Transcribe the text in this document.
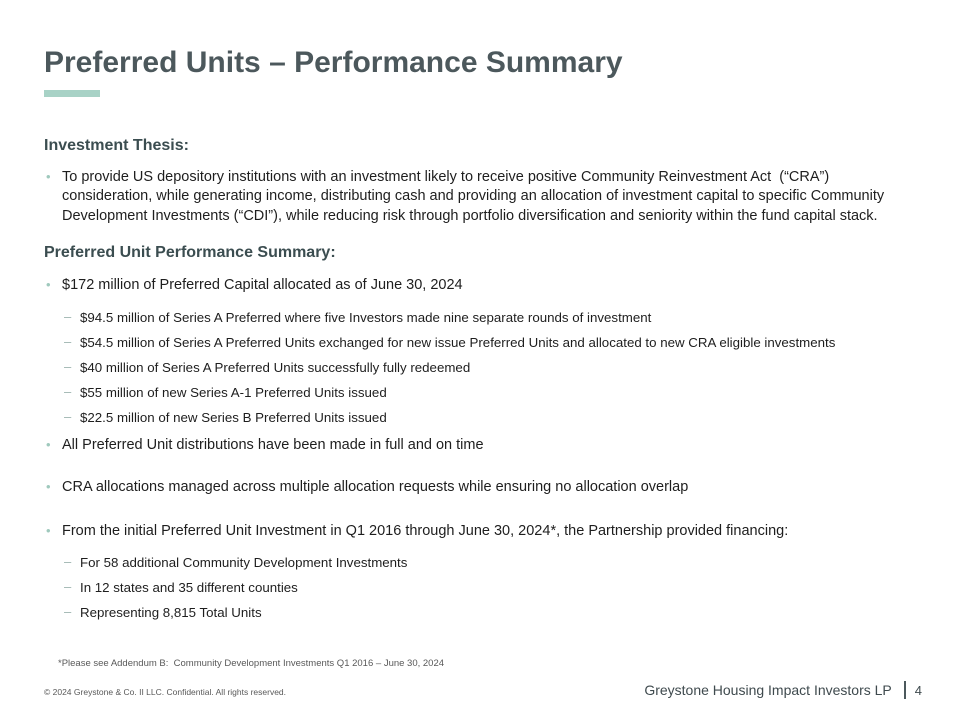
Preferred Units – Performance Summary
Investment Thesis:
• To provide US depository institutions with an investment likely to receive positive Community Reinvestment Act  (“CRA”) consideration, while generating income, distributing cash and providing an allocation of investment capital to specific Community Development Investments (“CDI”), while reducing risk through portfolio diversification and seniority within the fund capital stack.
Preferred Unit Performance Summary:
• $172 million of Preferred Capital allocated as of June 30, 2024
– $94.5 million of Series A Preferred where five Investors made nine separate rounds of investment
– $54.5 million of Series A Preferred Units exchanged for new issue Preferred Units and allocated to new CRA eligible investments
– $40 million of Series A Preferred Units successfully fully redeemed
– $55 million of new Series A-1 Preferred Units issued
– $22.5 million of new Series B Preferred Units issued
• All Preferred Unit distributions have been made in full and on time
• CRA allocations managed across multiple allocation requests while ensuring no allocation overlap
• From the initial Preferred Unit Investment in Q1 2016 through June 30, 2024*, the Partnership provided financing:
– For 58 additional Community Development Investments
– In 12 states and 35 different counties
– Representing 8,815 Total Units
*Please see Addendum B:  Community Development Investments Q1 2016 – June 30, 2024
© 2024 Greystone & Co. II LLC. Confidential. All rights reserved.	Greystone Housing Impact Investors LP 4
